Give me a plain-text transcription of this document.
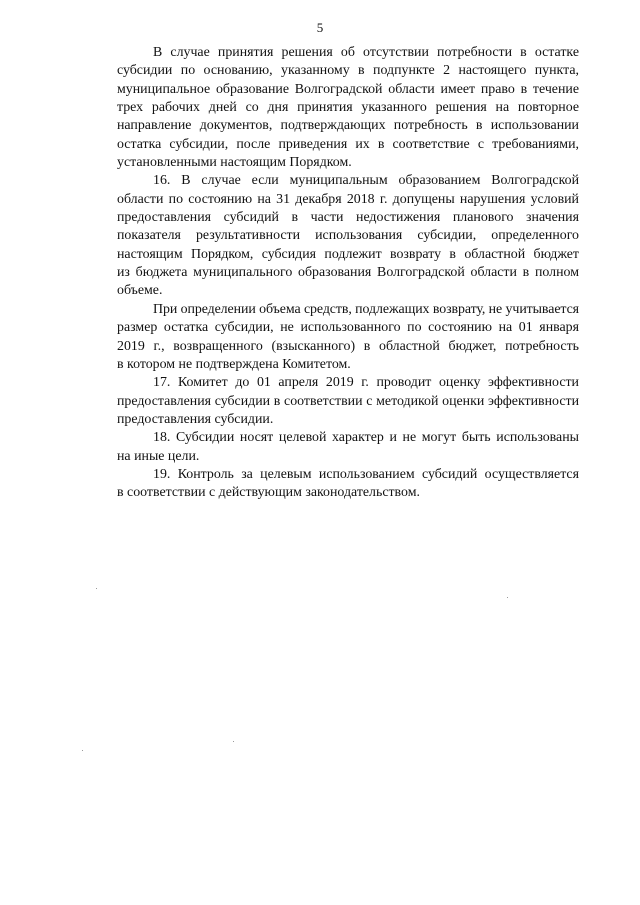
5
В случае принятия решения об отсутствии потребности в остатке
субсидии по основанию, указанному в подпункте 2 настоящего пункта,
муниципальное образование Волгоградской области имеет право в течение
трех рабочих дней со дня принятия указанного решения на повторное
направление документов, подтверждающих потребность в использовании
остатка субсидии, после приведения их в соответствие с требованиями,
установленными настоящим Порядком.
16. В случае если муниципальным образованием Волгоградской
области по состоянию на 31 декабря 2018 г. допущены нарушения условий
предоставления субсидий в части недостижения планового значения
показателя результативности использования субсидии, определенного
настоящим Порядком, субсидия подлежит возврату в областной бюджет
из бюджета муниципального образования Волгоградской области в полном
объеме.
При определении объема средств, подлежащих возврату, не учитывается
размер остатка субсидии, не использованного по состоянию на 01 января
2019 г., возвращенного (взысканного) в областной бюджет, потребность
в котором не подтверждена Комитетом.
17. Комитет до 01 апреля 2019 г. проводит оценку эффективности
предоставления субсидии в соответствии с методикой оценки эффективности
предоставления субсидии.
18. Субсидии носят целевой характер и не могут быть использованы
на иные цели.
19. Контроль за целевым использованием субсидий осуществляется
в соответствии с действующим законодательством.
